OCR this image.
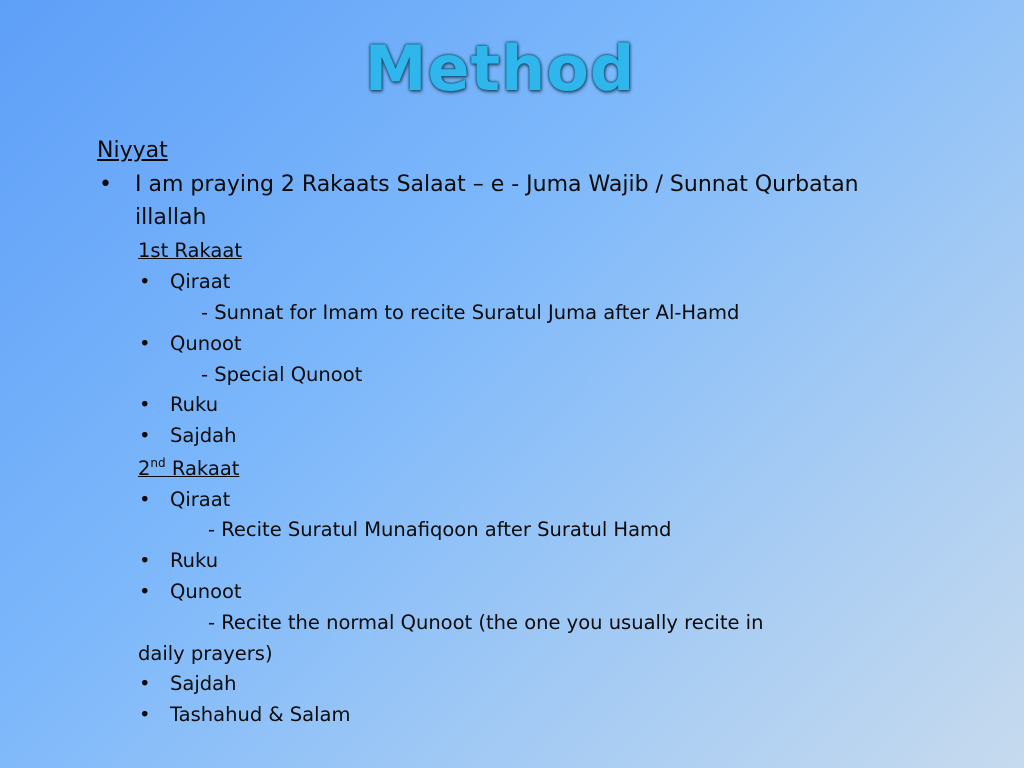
Method
Niyyat
• I am praying 2 Rakaats Salaat – e - Juma Wajib / Sunnat Qurbatan
illallah
1st Rakaat
• Qiraat
- Sunnat for Imam to recite Suratul Juma after Al-Hamd
• Qunoot
- Special Qunoot
• Ruku
• Sajdah
2nd Rakaat
• Qiraat
- Recite Suratul Munafiqoon after Suratul Hamd
• Ruku
• Qunoot
- Recite the normal Qunoot (the one you usually recite in
daily prayers)
• Sajdah
• Tashahud & Salam
